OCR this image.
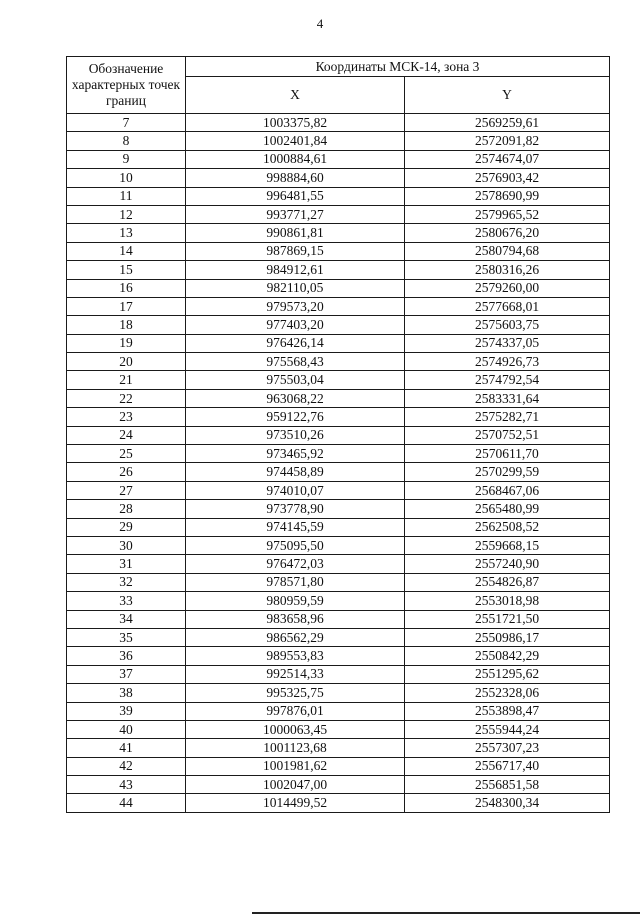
4
Обозначение характерных точек границ	Координаты МСК-14, зона 3	
	X	Y
7	1003375,82	2569259,61
8	1002401,84	2572091,82
9	1000884,61	2574674,07
10	998884,60	2576903,42
11	996481,55	2578690,99
12	993771,27	2579965,52
13	990861,81	2580676,20
14	987869,15	2580794,68
15	984912,61	2580316,26
16	982110,05	2579260,00
17	979573,20	2577668,01
18	977403,20	2575603,75
19	976426,14	2574337,05
20	975568,43	2574926,73
21	975503,04	2574792,54
22	963068,22	2583331,64
23	959122,76	2575282,71
24	973510,26	2570752,51
25	973465,92	2570611,70
26	974458,89	2570299,59
27	974010,07	2568467,06
28	973778,90	2565480,99
29	974145,59	2562508,52
30	975095,50	2559668,15
31	976472,03	2557240,90
32	978571,80	2554826,87
33	980959,59	2553018,98
34	983658,96	2551721,50
35	986562,29	2550986,17
36	989553,83	2550842,29
37	992514,33	2551295,62
38	995325,75	2552328,06
39	997876,01	2553898,47
40	1000063,45	2555944,24
41	1001123,68	2557307,23
42	1001981,62	2556717,40
43	1002047,00	2556851,58
44	1014499,52	2548300,34
